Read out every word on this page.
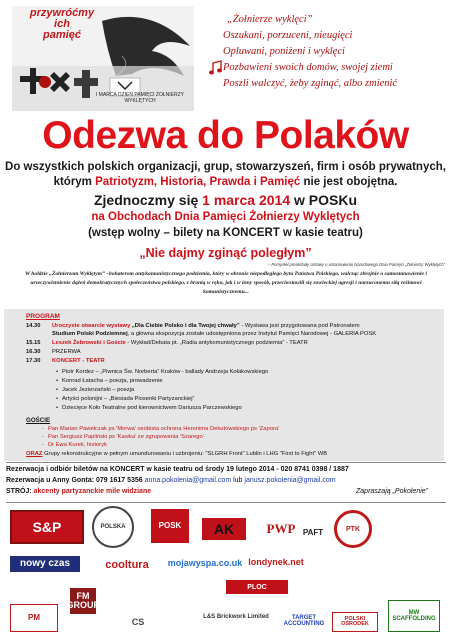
przywróćmy
ich
pamięć
I MARCA DZIEŃ PAMIĘCI ŻOŁNIERZY WYKLĘTYCH
„Żołnierze wyklęci”
Oszukani, porzuceni, nieugięci
Opluwani, poniżeni i wyklęci
Pozbawieni swoich domów, swojej ziemi
Poszli walczyć, żeby zginąć, albo zmienić
Odezwa do Polaków
Do wszystkich polskich organizacji, grup, stowarzyszeń, firm i osób prywatnych,
którym Patriotyzm, Historia, Prawda i Pamięć nie jest obojętna.
Zjednoczmy się 1 marca 2014 w POSKu
na Obchodach Dnia Pamięci Żołnierzy Wyklętych
(wstęp wolny – bilety na KONCERT w kasie teatru)
„Nie dajmy zginąć poległym”
– Pomysłeł preambuły Ustawy o ustanowieniu Narodowego Dnia Pamięci „Żołnierzy Wyklętych”
W hołdzie „Żołnierzom Wyklętym” –bohaterom antykomunistycznego podziemia, który w obronie niepodległego bytu Państwa Polskiego, walcząc zbrojnie o samostanowienie i urzeczywistnienie dążeń demokratycznych społeczeństwa polskiego, z bronią w ręku, jak i w inny sposób, przeciwstawili się sowieckiej agresji i narzuconemu siłą reżimowi komunistycznemu...
PROGRAM
14.30 Uroczyste otwarcie wystawy „Dla Ciebie Polsko i dla Twojej chwały” - Wystawa jest przygotowana pod Patronatem
Studium Polski Podziemnej, a główna ekspozycja zostałe udostępniona przez Instytut Pamięci Narodowej - GALERIA POSK
15.15 Leszek Żebrowski i Goście - Wykład/Debata pt. „Radia antykomunistycznego podziemia” - TEATR
16.30 PRZERWA
17.30 KONCERT - TEATR
• Piotr Kordez – „Piwnica Św. Norberta” Kraków - ballady Andrzeja Kołakowskiego
• Konrad Łatacha – poezja, prowadzenie
• Jacek Jezierzański – poezja
• Artyści polonijni – „Biesiada Piosenki Partyzanckiej”
• Dziecięce Koło Teatralne pod kierownictwem Dariusza Parczewskiego
GOŚCIE
- Pan Marian Pawełczak ps 'Morwa' osobista ochrona Heronima Dekutowskiego ps 'Zapora'
- Pan Sergiusz Papliński ps 'Kawka' ze zgrupowania 'Szarego'
- Dr Ewa Kurek, historyk
ORAZ Grupy rekonstrukcyjne w pełnym umundurowaniu i uzbrojeniu: "SLGRH Front" Lublin i LHG "First to Fight" WB
Rezerwacja i odbiór biletów na KONCERT w kasie teatru od środy 19 lutego 2014 - 020 8741 0398 / 1887
Rezerwacja u Anny Gonta: 079 1617 5356 anna.pokolenia@gmail.com lub janusz.pokolenia@gmail.com
STRÓJ: akcenty partyzanckie mile widziane	Zapraszają „Pokolenie”
S&P	POLSKA	POSK	AK	PWP PAFT	PTK
nowy czas	cooltura	mojawyspa.co.uk londynek.net
PLOC
PM
FM GROUP
CS	L&S Brickwork Limited	TARGET ACCOUNTING
POLSKI OŚRODEK
MW SCAFFOLDING
